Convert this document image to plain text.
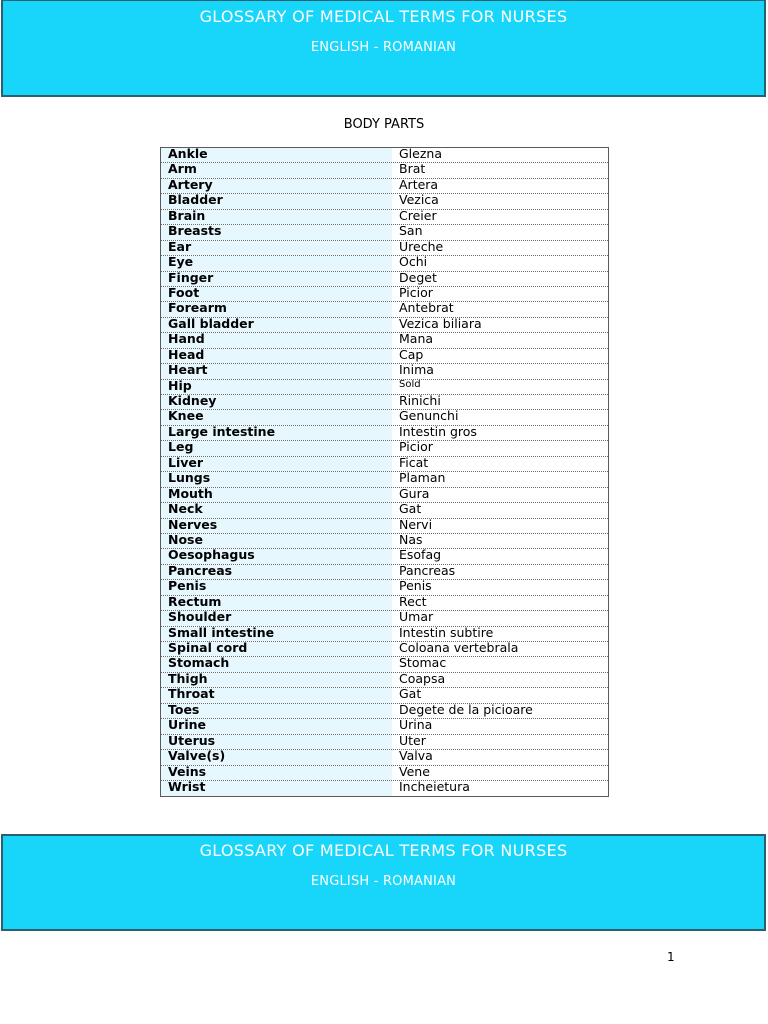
GLOSSARY OF MEDICAL TERMS FOR NURSES
ENGLISH - ROMANIAN
BODY PARTS
Ankle	Glezna
Arm	Brat
Artery	Artera
Bladder	Vezica
Brain	Creier
Breasts	San
Ear	Ureche
Eye	Ochi
Finger	Deget
Foot	Picior
Forearm	Antebrat
Gall bladder	Vezica biliara
Hand	Mana
Head	Cap
Heart	Inima
Hip	Sold
Kidney	Rinichi
Knee	Genunchi
Large intestine	Intestin gros
Leg	Picior
Liver	Ficat
Lungs	Plaman
Mouth	Gura
Neck	Gat
Nerves	Nervi
Nose	Nas
Oesophagus	Esofag
Pancreas	Pancreas
Penis	Penis
Rectum	Rect
Shoulder	Umar
Small intestine	Intestin subtire
Spinal cord	Coloana vertebrala
Stomach	Stomac
Thigh	Coapsa
Throat	Gat
Toes	Degete de la picioare
Urine	Urina
Uterus	Uter
Valve(s)	Valva
Veins	Vene
Wrist	Incheietura
GLOSSARY OF MEDICAL TERMS FOR NURSES
ENGLISH - ROMANIAN
1
